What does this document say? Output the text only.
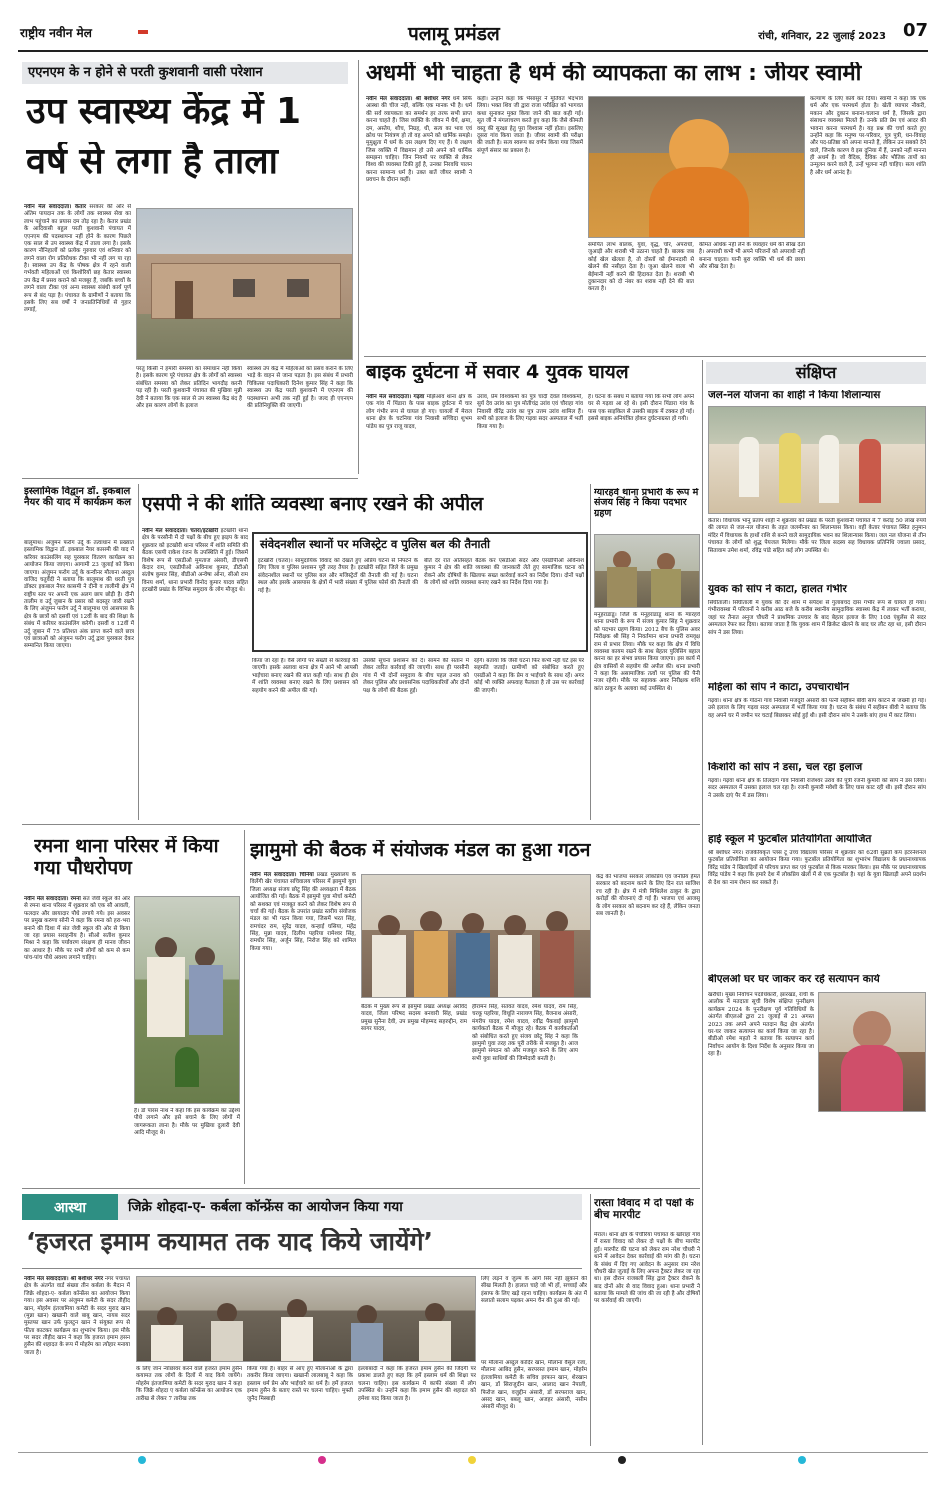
राष्ट्रीय नवीन मेल	पलामू प्रमंडल	रांची, शनिवार, 22 जुलाई 2023 07
एएनएम के न होने से परती कुशवानी वासी परेशान
उप स्वास्थ्य केंद्र में 1
वर्ष से लगा है ताला
नवीन मेल संवाददाता। केतार सरकार की ओर से अंतिम पायदान तक के लोगों तक स्वास्थ्य सेवा का लाभ पहुंचाने का प्रयास दम तोड़ रहा है। केतार प्रखंड के आदिवासी बहुल परती कुशवानी पंचायत में एएनएम की पदस्थापना नहीं होने के कारण पिछले एक साल से उप स्वास्थ्य केंद्र में ताला लगा है। इसके कारण नौनिहालों को प्रत्येक गुरुवार एवं शनिवार को लगने वाला रोग प्रतिरोधक टीका भी नहीं लग पा रहा है। स्वास्थ्य उप केंद्र के पोषक क्षेत्र में रहने वाली गर्भवती महिलाओं एवं किशोरियों छह केतार स्वास्थ्य उप केंद्र में प्रसव कराने को मजबूर हैं, जबकि बच्चों के लगने वाला टीका एवं अन्य स्वास्थ्य संबंधी कार्य पूर्ण रूप से बंद पड़ा है। पंचायत के ग्रामीणों ने बताया कि इसके लिए सब वर्षों ने जनप्रतिनिधियों से गुहार लगाई,
परंतु किसी ने हमारी समस्या का समाधान नहीं किया है। इसके कारण पूरे पंचायत क्षेत्र के लोगों को स्वास्थ्य संबंधित समस्या को लेकर प्रतिदिन भागदौड़ करनी पड़ रही है। परती कुशवानी पंचायत की मुखिया मुन्नी देवी ने बताया कि एक साल से उप स्वास्थ्य केंद्र बंद है और इस कारण लोगों के इलाज
स्वास्थ्य उप केंद्र में महिलाओं को प्रसव कराने के लिए भाड़े के वाहन से जाना पड़ता है। इस संबंध में प्रभारी चिकित्सा पदाधिकारी दिनेश कुमार सिंह ने कहा कि स्वास्थ्य उप केंद्र परती कुशवानी में एएनएम की पदस्थापना अभी तक नहीं हुई है। जल्द ही एएनएम की प्रतिनियुक्ति की जाएगी।
अधर्मी भी चाहता है धर्म की व्यापकता का लाभ : जीयर स्वामी
नवीन मेल संवाददाता। श्री बंशीधर नगर धर्म सिर्फ आस्था की चीज नहीं, बल्कि एक मानक भी है। धर्म की सर्व व्यापकता का समर्थन हर तरफ सभी प्राप्त करना चाहते हैं। जिस व्यक्ति के जीवन में धैर्य, क्षमा, दम, अस्तेय, शौच, निग्रह, धी, सत्य का भाव एवं क्रोध पर नियंत्रण हो तो वह अपने को धार्मिक समझे। मुमुक्षुता में धर्म के दस लक्षण दिए गए हैं। ये लक्षण जिस व्यक्ति में विद्यमान हो उसे अपने को धार्मिक समझना चाहिए। जिन नियमों पर व्यक्ति से लेकर विश्व की व्यवस्था टिकी हुई है, उनका निरवधि पालन करना सामान्य धर्म है। उक्त बातें जीयर स्वामी ने प्रवचन के दौरान कहीं।
कही। उन्होंने कहा कि भैंसासुर ने मूर्तिवत भेदभाव लिया। भक्त शिव जी द्वारा राजा परीक्षित को भागवत कथा सुनाकर मुक्त किया जाने की बात कही गई। सूत जी ने मंगलाचरण करते हुए कहा कि जैसे कीमती वस्तु की सुरक्षा हेतु पूरा विश्वास नहीं होता। इसलिए दूसरा गांव किया जाता है। जीयर स्वामी की परीक्षा की जाती है। सत्य स्वरूप का वर्णन किया गया जिसमें संपूर्ण संसार का प्रकाश है।
समर्पित लाभ बालक, युवा, वृद्ध, चोर, अपराधी, जुआड़ी और शराबी भी उठाना चाहते हैं। बालक जब कोई खेल खेलता है, तो दोस्तों को ईमानदारी से खेलने की नसीहत देता है। जुआ खेलने वाला भी बेईमानी नहीं करने की हिदायत देता है। शराबी भी दुकानदार को दो नंबर का शराब नहीं देने की बात करता है।
कीमत अधिक नहीं लेने के व्यवहार धर्म की सीख देता है। अपराधी कभी भी अपने परिजनों को अपराधी नहीं बनाना चाहता। यानी बुरा व्यक्ति भी धर्म की छाया और सीख देता है।
कल्याण के लिए कार्य कर दिया। स्वामी ने कहा कि एक धर्म और एक परमधर्म होता है। खेती व्यापार नौकरी, मकान और दुकान बनाना-चलाना धर्म है, जिसके द्वारा संसाधन व्यवस्था मिलते हैं। उनके प्रति प्रेम एवं आदर की भावना करना परमधर्म है। यह प्रश्न की चर्चा करते हुए उन्होंने कहा कि मनुष्य पर-परिवार, पुत्र पुत्री, धन-विवाह और पद-प्रतिष्ठा को अपना मानते हैं, लेकिन उन सबको देने वाले, जिनके कारण वे इस दुनिया में हैं, उनको नहीं मानना ही अधर्म है। जो वैदिक, दैविक और भौतिक तापों का उन्मूलन करने वाले हैं, उन्हें भूलना नहीं चाहिए। सत्य शांति है और धर्म आनंद है।
बाइक दुर्घटना में सवार 4 युवक घायल
नवीन मेल संवाददाता। गढ़वा मझिआंव थाना क्षेत्र के एक गांव में पिंडारा के पास बाइक दुर्घटना में चार लोग गंभीर रूप से घायल हो गए। घायलों में मेराल थाना क्षेत्र के चटनिया गांव निवासी सच्चिदा शुभम पांडेय का पुत्र राजू यादव,
उरांव, प्रेम विश्वकर्मा का पुत्र चांदी देवल विश्वकर्मा, सुर्य देव उरांव का पुत्र मोतीचंद्र उरांव एवं चौराहा गांव निवासी वीरेंद्र उरांव का पुत्र उत्तम उरांव शामिल हैं। सभी को इलाज के लिए गढ़वा सदर अस्पताल में भर्ती किया गया है।
है। घटना के संबंध में बताया गया कि सभी लोग अपने घर से गढ़वा आ रहे थे। इसी दौरान पिंडारा गांव के पास एक साइकिल से उसकी बाइक में टक्कर हो गई। इससे बाइक अनियंत्रित होकर दुर्घटनाग्रस्त हो गयी।
संक्षिप्त
जल-नल योजना का शाही ने किया शिलान्यास
केतार। विधायक भानु प्रताप शाही ने शुक्रवार को प्रखंड के परती कुशवानी पंचायत में 7 करोड़ 50 लाख रुपये की लागत से जल-नल योजना के तहत जलमीनार का शिलान्यास किया। वहीं केतार पंचायत स्थित हनुमान मंदिर में विधायक के हाथों राशि से बनने वाले सामुदायिक भवन का शिलान्यास किया। जल नल योजना से तीन पंचायत के लोगों को शुद्ध पेयजल मिलेगा। मौके पर जिला सदस्य सह विधायक प्रतिनिधि ज्वाला प्रसाद, सितावाम उमेश शर्मा, रविंद्र पांडे सहित कई लोग उपस्थित थे।
युवक को सांप ने काटा, हालत गंभीर
सिंघीताली। सिंघीताली में युवक की देर शाम में सर्पदंश से गुलाबचंद दास गंभीर रूप से घायल हो गया। गंभीरावस्था में परिजनों ने करीब आठ बजे के करीब स्थानीय सामुदायिक स्वास्थ्य केंद्र में लाकर भर्ती कराया, जहां पर तैनात अनुज चौधरी ने प्राथमिक उपचार के बाद बेहतर इलाज के लिए 108 एंबुलेंस से सदर अस्पताल रेफर कर दिया। बताया जाता है कि युवक शाम में क्रिकेट खेलने के बाद घर लौट रहा था, इसी दौरान सांप ने डस लिया।
महिला को सांप ने काटा, उपचाराधीन
गढ़वा। थाना क्षेत्र के गोठना गांव निवासी मजदूरी अंसारी की पत्नी सहीबन बीवी सांप काटने से जख्मी हो गई। उसे इलाज के लिए गढ़वा सदर अस्पताल में भर्ती किया गया है। घटना के संबंध में सहीबन बीवी ने बताया कि वह अपने घर में जमीन पर चटाई बिछाकर सोई हुई थी। इसी दौरान सांप ने उसके बांए हाथ में काट लिया।
किशोरी को सांप ने डसा, चल रहा इलाज
गढ़वा। गढ़वा थाना क्षेत्र के तिलदाग गांव निवासी राजेश्वर उरांव की पुत्री रजनी कुमारी को सांप ने डस लिया। सदर अस्पताल में उसका इलाज चल रहा है। रजनी कुमारी मवेशी के लिए घास काट रही थी। इसी दौरान सांप ने उसके दाएं पैर में डस लिया।
हाई स्कूल में फुटबॉल प्रतियोगिता आयोजित
श्री बंशीधर नगर। राजकीयकृत प्लस टू उच्च विद्यालय परिसर में शुक्रवार को 62वीं सुब्रतो कप इंटरनेशनल फुटबॉल प्रतियोगिता का आयोजन किया गया। फुटबॉल प्रतियोगिता का शुभारंभ विद्यालय के प्रधानाध्यापक विरेंद्र पांडेय ने खिलाड़ियों से परिचय प्राप्त कर एवं फुटबॉल से किक मारकर किया। इस मौके पर प्रधानाध्यापक विरेंद्र पांडेय ने कहा कि हमारे देश में लोकप्रिय खेलों में से एक फुटबॉल है। यहां के युवा खिलाड़ी अपने प्रदर्शन से देश का नाम रोशन कर सकते हैं।
बीएलओ घर घर जाकर कर रहे सत्यापन कार्य
खरौंधी। मुख्य निर्वाचन पदाधिकारी, झारखंड, रांची के आलोक में मतदाता सूची विशेष संक्षिप्त पुनरीक्षण कार्यक्रम 2024 के पुनरीक्षण पूर्व गतिविधियों के अंतर्गत बीएलओ द्वारा 21 जुलाई से 21 अगस्त 2023 तक अपने अपने मतदान केंद्र क्षेत्र अंतर्गत घर-घर जाकर सत्यापन का कार्य किया जा रहा है। बीडीओ रमेश महतो ने बताया कि सत्यापन कार्य निर्वाचन आयोग के दिशा निर्देश के अनुसार किया जा रहा है।
इस्लामिक विद्वान डॉ. इकबाल नैयर की याद में कार्यक्रम कल
बालूमाथ। अंजुमन फरोग उर्दू के तत्वाधान में प्रख्यात इस्लामिक विद्वान डॉ. इकबाल नैयर कासमी की याद में करियर काउंसलिंग सह पुरस्कार वितरण कार्यक्रम का आयोजन किया जाएगा। आगामी 23 जुलाई को किया जाएगा। अंजुमन फरोग उर्दू के कन्वीनर मौलाना अब्दुल वाजिद चतुर्वेदी ने बताया कि बालूमाथ की धरती पुत्र डॉक्टर इकबाल नैयर कासमी ने दीनी व तालीमी क्षेत्र में राष्ट्रीय स्तर पर अपनी एक अलग छाप छोड़ी है। दीनी तालीम व उर्दू जुबान के प्रसार को बदस्तूर जारी रखने के लिए अंजुमन फरोग उर्दू ने बालूमाथ एवं आसपास के क्षेत्र के छात्रों को दसवीं एवं 12वीं के बाद की शिक्षा के संबंध में करियर काउंसलिंग करेगी। दसवीं व 12वीं में उर्दू जुबान में 75 प्रतिशत अंक प्राप्त करने वाले छात्र एवं छात्राओं को अंजुमन फरोग उर्दू द्वारा पुरस्कार देकर सम्मानित किया जाएगा।
एसपी ने की शांति व्यवस्था बनाए रखने की अपील
नवीन मेल संवाददाता। चतरा/इटखोरी इटखोरी थाना क्षेत्र के परसौनी में दो पक्षों के बीच हुए झड़प के बाद शुक्रवार को इटखोरी थाना परिसर में शांति समिति की बैठक एसपी राकेश रंजन के उपस्थिति में हुई। जिसमें विशेष रूप से एसडीओ मुमताज अंसारी, डीएसपी केदार राम, एसडीपीओ अविनाश कुमार, डीटीओ संतोष कुमार सिंह, बीडीओ अन्वेषा ओना, सीओ राम विनय शर्मा, थाना प्रभारी विनोद कुमार यादव सहित इटखोरी प्रखंड के विभिन्न समुदाय के लोग मौजूद थे।
संवेदनशील स्थानों पर मजिस्ट्रेट व पुलिस बल की तैनाती
इटखोरी (चतरा)। सामुदायिक विवाद को देखते हुए अप्रिय घटना से निपटने के लिए जिला व पुलिस प्रशासन पूरी तरह तैयार है। इटखोरी सहित जिले के प्रमुख संवेदनशील स्थानों पर पुलिस बल और मजिस्ट्रेटों की तैनाती की गई है। घटना स्थल और इसके आसपास के क्षेत्रों में भारी संख्या में पुलिस फोर्स की तैनाती की गई है।
बीते देर रात अंतिसहत बैठक कर एसडीओ सदर और एसडीपीओ अविनाश कुमार ने क्षेत्र की शांति व्यवस्था की जानकारी लेते हुए सामाजिक घटना को रोकने और दोषियों के खिलाफ सख्त कार्रवाई करने का निर्देश दिया। दोनों पक्षों के लोगों को शांति व्यवस्था बनाए रखने का निर्देश दिया गया है।
किया जा रहा है। वैसे लोगों पर सख्ती से कार्रवाई की जाएगी। इसके अलावा थाना क्षेत्र में आने भी आपसी भाईचारा बनाए रखने की बात कही गई। साथ ही क्षेत्र में शांति व्यवस्था बनाए रखने के लिए प्रशासन को सहयोग करने की अपील की गई।
उसकी सूचना प्रशासन को दें। सामने की संतान में लेकर त्वरित कार्रवाई की जाएगी। साथ ही परसौनी गांव में भी दोनों समुदाय के बीच पहल तनाव को लेकर पुलिस और प्रशासनिक पदाधिकारियों और दोनों पक्ष के लोगों की बैठक हुई।
रहेंगे। बताया कि जैसी घटना फिर कभी नहीं घटे इस पर सहमति जताई। ग्रामीणों को संबोधित करते हुए एसडीओ ने कहा कि प्रेम व भाईचारे के साथ रहें। अगर कोई भी व्यक्ति अफवाह फैलाता है तो उस पर कार्रवाई की जाएगी।
ग्यारहवें थाना प्रभारी के रूप में संजय सिंह ने किया पदभार ग्रहण
मनूहराडांडू। जिले के मनूहराडांडू थाना के ग्यारहवें थाना प्रभारी के रूप में संजय कुमार सिंह ने शुक्रवार को पदभार ग्रहण किया। 2012 बैच के पुलिस अवर निरीक्षक श्री सिंह ने निवर्तमान थाना प्रभारी रामवृक्ष राम से प्रभार लिया। मौके पर कहा कि क्षेत्र में विधि व्यवस्था कायम रखने के साथ बेहतर पुलिसिंग बहाल करना का हर संभव प्रयास किया जाएगा। इस कार्य में क्षेत्र वासियों से सहयोग की अपील की। थाना प्रभारी ने कहा कि असामाजिक तत्वों पर पुलिस की पैनी नजर रहेगी। मौके पर सहायक अवर निरीक्षक शशि कांत ठाकुर के अलावा कई उपस्थित थे।
रमना थाना परिसर में किया गया पौधरोपण
नवीन मेल संवाददाता। रमना संत जेवी स्कूल की ओर से रमना थाना परिसर में शुक्रवार को एक सौ आवली, फलदार और छायादार पौधे लगाये गये। इस अवसर पर प्रमुख करुणा सोनी ने कहा कि रमना को हरा-भरा बनाने की दिशा में संत जेवी स्कूल की ओर से किया जा रहा प्रयास सराहनीय है। सीओ सतीश कुमार मिश्रा ने कहा कि पर्यावरण संरक्षण ही मानव जीवन का आधार है। मौके पर सभी लोगों को कम से कम पांच-पांच पौधे अवश्य लगाने चाहिए।
है। डॉ पारस नाथ ने कहा कि इस कार्यक्रम का उद्देश्य पौधे लगाने और इसे बचाने के लिए लोगों में जागरूकता लाना है। मौके पर मुखिया दुलारी देवी आदि मौजूद थे।
झामुमो की बैठक में संयोजक मंडल का हुआ गठन
नवीन मेल संवाददाता। चिनिया प्रखंड मुख्यालय के विलेंगी खेर पंचायत सचिवालय परिसर में झामुमो युवा जिला अध्यक्ष संजय छोटू सिंह की अध्यक्षता में बैठक आयोजित की गई। बैठक में झामुमो युवा मोर्चा कमेटी को सशक्त एवं मजबूत करने को लेकर विशेष रूप से चर्चा की गई। बैठक के उपरांत प्रखंड स्तरीय संयोजक मंडल का भी गठन किया गया, जिसमें भरत सिंह, रामचंदर राम, सुरेंद्र यादव, कन्हाई घसिया, महेंद्र सिंह, मुन्ना यादव, दिलीप पहरिया रामेश्वर सिंह, रामधीर सिंह, अर्जुन सिंह, निरोज सिंह को शामिल किया गया।
बैठक में मुख्य रूप से झामुमो प्रखंड अध्यक्ष अरविंद यादव, जिला परिषद सदस्य बनवारी सिंह, प्रखंड प्रमुख सुनैना देवी, उप प्रमुख मोहम्मद सहरुद्दीन, राम सागर यादव,
हीरामन सिंह, सतवंत यादव, रमेश यादव, राम सिंह, चरकू पहरिया, विधूति नारायण सिंह, बैजनाथ अंसारी, मंगरीप यादव, रमेश यादव, रवींद्र पैकवाई झामुमो कार्यकर्ता बैठक में मौजूद रहे। बैठक में कार्यकर्ताओं को संबोधित करते हुए संजय छोटू सिंह ने कहा कि झामुमो युवा तरह तक पूरी तरीके से मजबूत है। आज झामुमो संगठन को और मजबूत करने के लिए आप सभी युवा साथियों की जिम्मेदारी बनती है।
केंद्र की भाजपा सरकार लोकप्रिय एवं जनप्रिय हेमंत सरकार को बदनाम करने के लिए दिन रात साजिश रच रही है। क्षेत्र में मंत्री मिथिलेश ठाकुर के द्वारा करोड़ों की योजनाएं दी गई हैं। भाजपा एवं आजसू के लोग सरकार को बदनाम कर रहे हैं, लेकिन जनता सब जानती है।
आस्था	जिक्रे शोहदा-ए- कर्बला कॉन्फ्रेंस का आयोजन किया गया
‘हजरत इमाम कयामत तक याद किये जायेंगे’
नवीन मेल संवाददाता। श्री बंशीधर नगर नगर पंचायत क्षेत्र के अंतर्गत वार्ड संख्या तीन कर्बला के मैदान में जिक्रे शोहदा-ए- कर्बला कॉन्फ्रेंस का आयोजन किया गया। इस अवसर पर अंजुमन कमेटी के सदर तौहीद खान, मोहर्रम इंतजामिया कमेटी के सदर मुराद खान (मुन्ना खान) खखानी वाले बाबू खान, नायब सदर मुस्तफा खान उर्फ फुलटुन खान ने संयुक्त रूप से फीता काटकर कार्यक्रम का शुभारंभ किया। इस मौके पर सदर तौहीद खान ने कहा कि हजरत इमाम हसन हुसैन की शहादत के रूप में मोहर्रम का त्योहार मनाया जाता है।
के लिए जान न्योछावर करने वाले हजरत इमाम हुसैन कयामत तक लोगों के दिलों में याद किये जायेंगे। मोहर्रम इंतजामिया कमेटी के सदर मुराद खान ने कहा कि जिक्रे शोहदा ए कर्बला कॉन्फ्रेंस का आयोजन एक तारीख से लेकर 7 तारीख तक
किया गया है। बाहर से आए हुए मौलानाओं के द्वारा तकरीर किया जाएगा। खखानी लालबाबू ने कहा कि इस्लाम धर्म प्रेम और भाईचारे का धर्म है। हमें हजरत इमाम हुसैन के बताए रास्ते पर चलना चाहिए। मुफ्ती जुनैद मिस्बाही
इल्लाबादी ने कहा कि हजरत इमाम हुसैन की जिंदगी पर प्रकाश डालते हुए कहा कि हमें इस्लाम धर्म की शिक्षा पर चलना चाहिए। इस कार्यक्रम में काफी संख्या में लोग उपस्थित थे। उन्होंने कहा कि इमाम हुसैन की शहादत को हमेशा याद किया जाता है।
लिए लड़ने व जुल्म के आगे सिर नहीं झुकाने की सीख मिलती है। हालात चाहे जो भी हों, सच्चाई और इंसाफ के लिए खड़े रहना चाहिए। कार्यक्रम के अंत में सलातो सलाम पढ़कर अमन चैन की दुआ की गई।
पर मौलाना अब्दुल कादिर खान, मौलाना वैसुल रजा, मौलाना आबिद हुसैन, सरपरस्त इमाम खान, मोहर्रम इंतजामिया कमेटी के सचिव इरफान खान, शेरखान खान, डॉ सिराजुदीन खान, आलाद खान नेपाली, फिरोज खान, वजुद्दीन अंसारी, डॉ सरफराज खान, असद खान, बबलू खान, अजहर अंसारी, नसीम अंसारी मौजूद थे।
रास्ता विवाद में दो पक्षों के बीच मारपीट
मेराल। थाना क्षेत्र के पेचौरिया पंचायत के खोराहा गांव में रास्ता विवाद को लेकर दो पक्षों के बीच मारपीट हुई। मारपीट की घटना को लेकर राम नरेश चौधरी ने थाने में आवेदन देकर कार्रवाई की मांग की है। घटना के संबंध में दिए गए आवेदन के अनुसार राम नरेश चौधरी खेत जुताई के लिए अपना ट्रैक्टर लेकर जा रहा था। इस दौरान राजबली सिंह द्वारा ट्रैक्टर रोकने के बाद दोनों ओर से वाद विवाद हुआ। थाना प्रभारी ने बताया कि मामले की जांच की जा रही है और दोषियों पर कार्रवाई की जाएगी।
